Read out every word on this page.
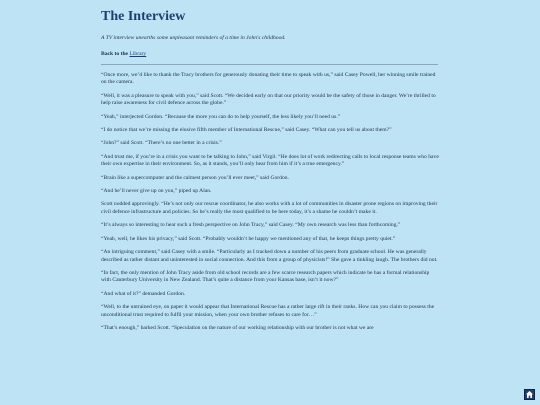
The Interview

A TV interview unearths some unpleasant reminders of a time in John's childhood.

Back to the Library

“Once more, we’d like to thank the Tracy brothers for generously donating their time to speak with us,” said Casey Powell, her winning smile trained on the camera.

“Well, it was a pleasure to speak with you,” said Scott. “We decided early on that our priority would be the safety of those in danger. We’re thrilled to help raise awareness for civil defence across the globe.”

“Yeah,” interjected Gordon. “Because the more you can do to help yourself, the less likely you’ll need us.”

“I do notice that we’re missing the elusive fifth member of International Rescue,” said Casey. “What can you tell us about them?”

“John?” said Scott. “There’s no one better in a crisis.”

“And trust me, if you’re in a crisis you want to be talking to John,” said Virgil. “He does lot of work redirecting calls to local response teams who have their own expertise in their environment. So, as it stands, you’ll only hear from him if it’s a true emergency.”

“Brain like a supercomputer and the calmest person you’ll ever meet,” said Gordon.

“And he’ll never give up on you,” piped up Alan.

Scott nodded approvingly. “He’s not only our rescue coordinator, he also works with a lot of communities in disaster prone regions on improving their civil defence infrastructure and policies. So he’s really the most qualified to be here today, it’s a shame he couldn’t make it.

“It’s always so interesting to hear such a fresh perspective on John Tracy,” said Casey. “My own research was less than forthcoming.”

“Yeah, well, he likes his privacy,” said Scott. “Probably wouldn’t be happy we mentioned any of that, he keeps things pretty quiet.”

“An intriguing comment,” said Casey with a smile. “Particularly as I tracked down a number of his peers from graduate school. He was generally described as rather distant and uninterested in social connection. And this from a group of physicists!” She gave a tinkling laugh. The brothers did not.

“In fact, the only mention of John Tracy aside from old school records are a few scarce research papers which indicate he has a formal relationship with Canterbury University in New Zealand. That’s quite a distance from your Kansas base, isn’t it now?”

“And what of it?” demanded Gordon.

“Well, to the untrained eye, on paper it would appear that International Rescue has a rather large rift in their ranks. How can you claim to possess the unconditional trust required to fulfil your mission, when your own brother refuses to care for…”

“That’s enough,” barked Scott. “Speculation on the nature of our working relationship with our brother is not what we are
